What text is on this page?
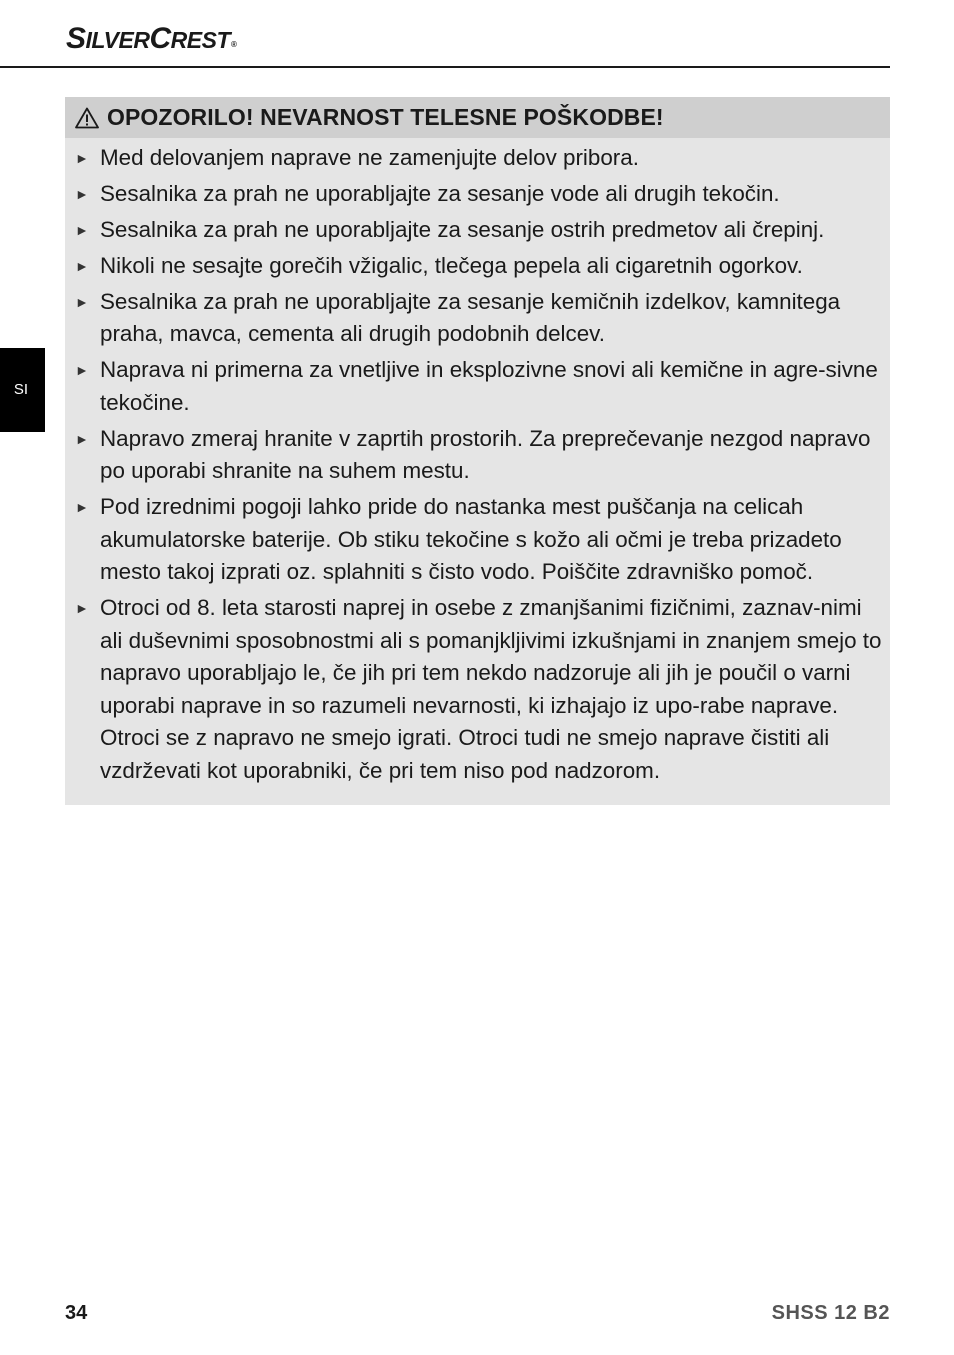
SILVERCREST®
SI
OPOZORILO! NEVARNOST TELESNE POŠKODBE!
► Med delovanjem naprave ne zamenjujte delov pribora.
► Sesalnika za prah ne uporabljajte za sesanje vode ali drugih tekočin.
► Sesalnika za prah ne uporabljajte za sesanje ostrih predmetov ali črepinj.
► Nikoli ne sesajte gorečih vžigalic, tlečega pepela ali cigaretnih ogorkov.
► Sesalnika za prah ne uporabljajte za sesanje kemičnih izdelkov, kamnitega praha, mavca, cementa ali drugih podobnih delcev.
► Naprava ni primerna za vnetljive in eksplozivne snovi ali kemične in agre-sivne tekočine.
► Napravo zmeraj hranite v zaprtih prostorih. Za preprečevanje nezgod napravo po uporabi shranite na suhem mestu.
► Pod izrednimi pogoji lahko pride do nastanka mest puščanja na celicah akumulatorske baterije. Ob stiku tekočine s kožo ali očmi je treba prizadeto mesto takoj izprati oz. splahniti s čisto vodo. Poiščite zdravniško pomoč.
► Otroci od 8. leta starosti naprej in osebe z zmanjšanimi fizičnimi, zaznav-nimi ali duševnimi sposobnostmi ali s pomanjkljivimi izkušnjami in znanjem smejo to napravo uporabljajo le, če jih pri tem nekdo nadzoruje ali jih je poučil o varni uporabi naprave in so razumeli nevarnosti, ki izhajajo iz upo-rabe naprave. Otroci se z napravo ne smejo igrati. Otroci tudi ne smejo naprave čistiti ali vzdrževati kot uporabniki, če pri tem niso pod nadzorom.
34	SHSS 12 B2
